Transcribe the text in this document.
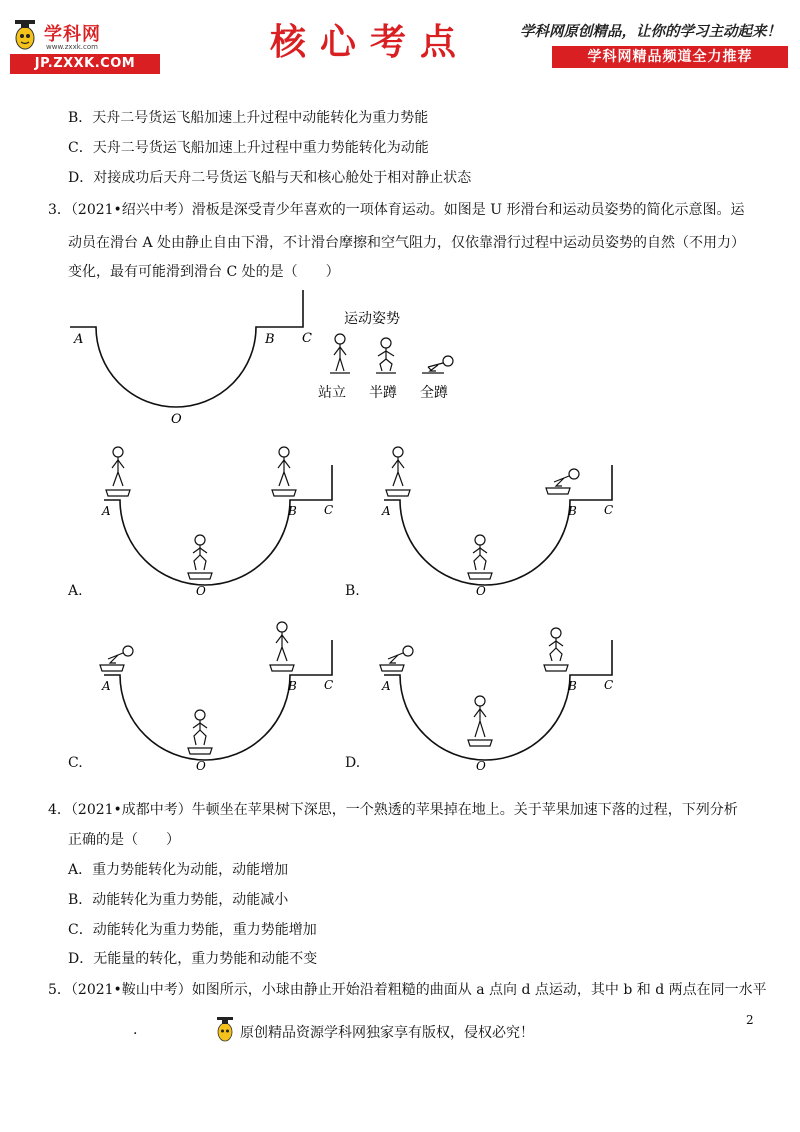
学科网
www.zxxk.com
JP.ZXXK.COM
核心考点	学科网原创精品，让你的学习主动起来！
学科网精品频道全力推荐
B．天舟二号货运飞船加速上升过程中动能转化为重力势能
C．天舟二号货运飞船加速上升过程中重力势能转化为动能
D．对接成功后天舟二号货运飞船与天和核心舱处于相对静止状态
3．（2021•绍兴中考）滑板是深受青少年喜欢的一项体育运动。如图是 U 形滑台和运动员姿势的简化示意图。运
动员在滑台 A 处由静止自由下滑，不计滑台摩擦和空气阻力，仅依靠滑行过程中运动员姿势的自然（不用力）
变化，最有可能滑到滑台 C 处的是（　　）
A	B C
O
运动姿势
站立 半蹲 全蹲
A	B C
O
A.
A	B C
O
B.
A	B C
O
C.
A	B C
O
D.
4．（2021•成都中考）牛顿坐在苹果树下深思，一个熟透的苹果掉在地上。关于苹果加速下落的过程，下列分析
正确的是（　　）
A．重力势能转化为动能，动能增加
B．动能转化为重力势能，动能减小
C．动能转化为重力势能，重力势能增加
D．无能量的转化，重力势能和动能不变
5．（2021•鞍山中考）如图所示，小球由静止开始沿着粗糙的曲面从 a 点向 d 点运动，其中 b 和 d 两点在同一水平
2
.	原创精品资源学科网独家享有版权，侵权必究！
